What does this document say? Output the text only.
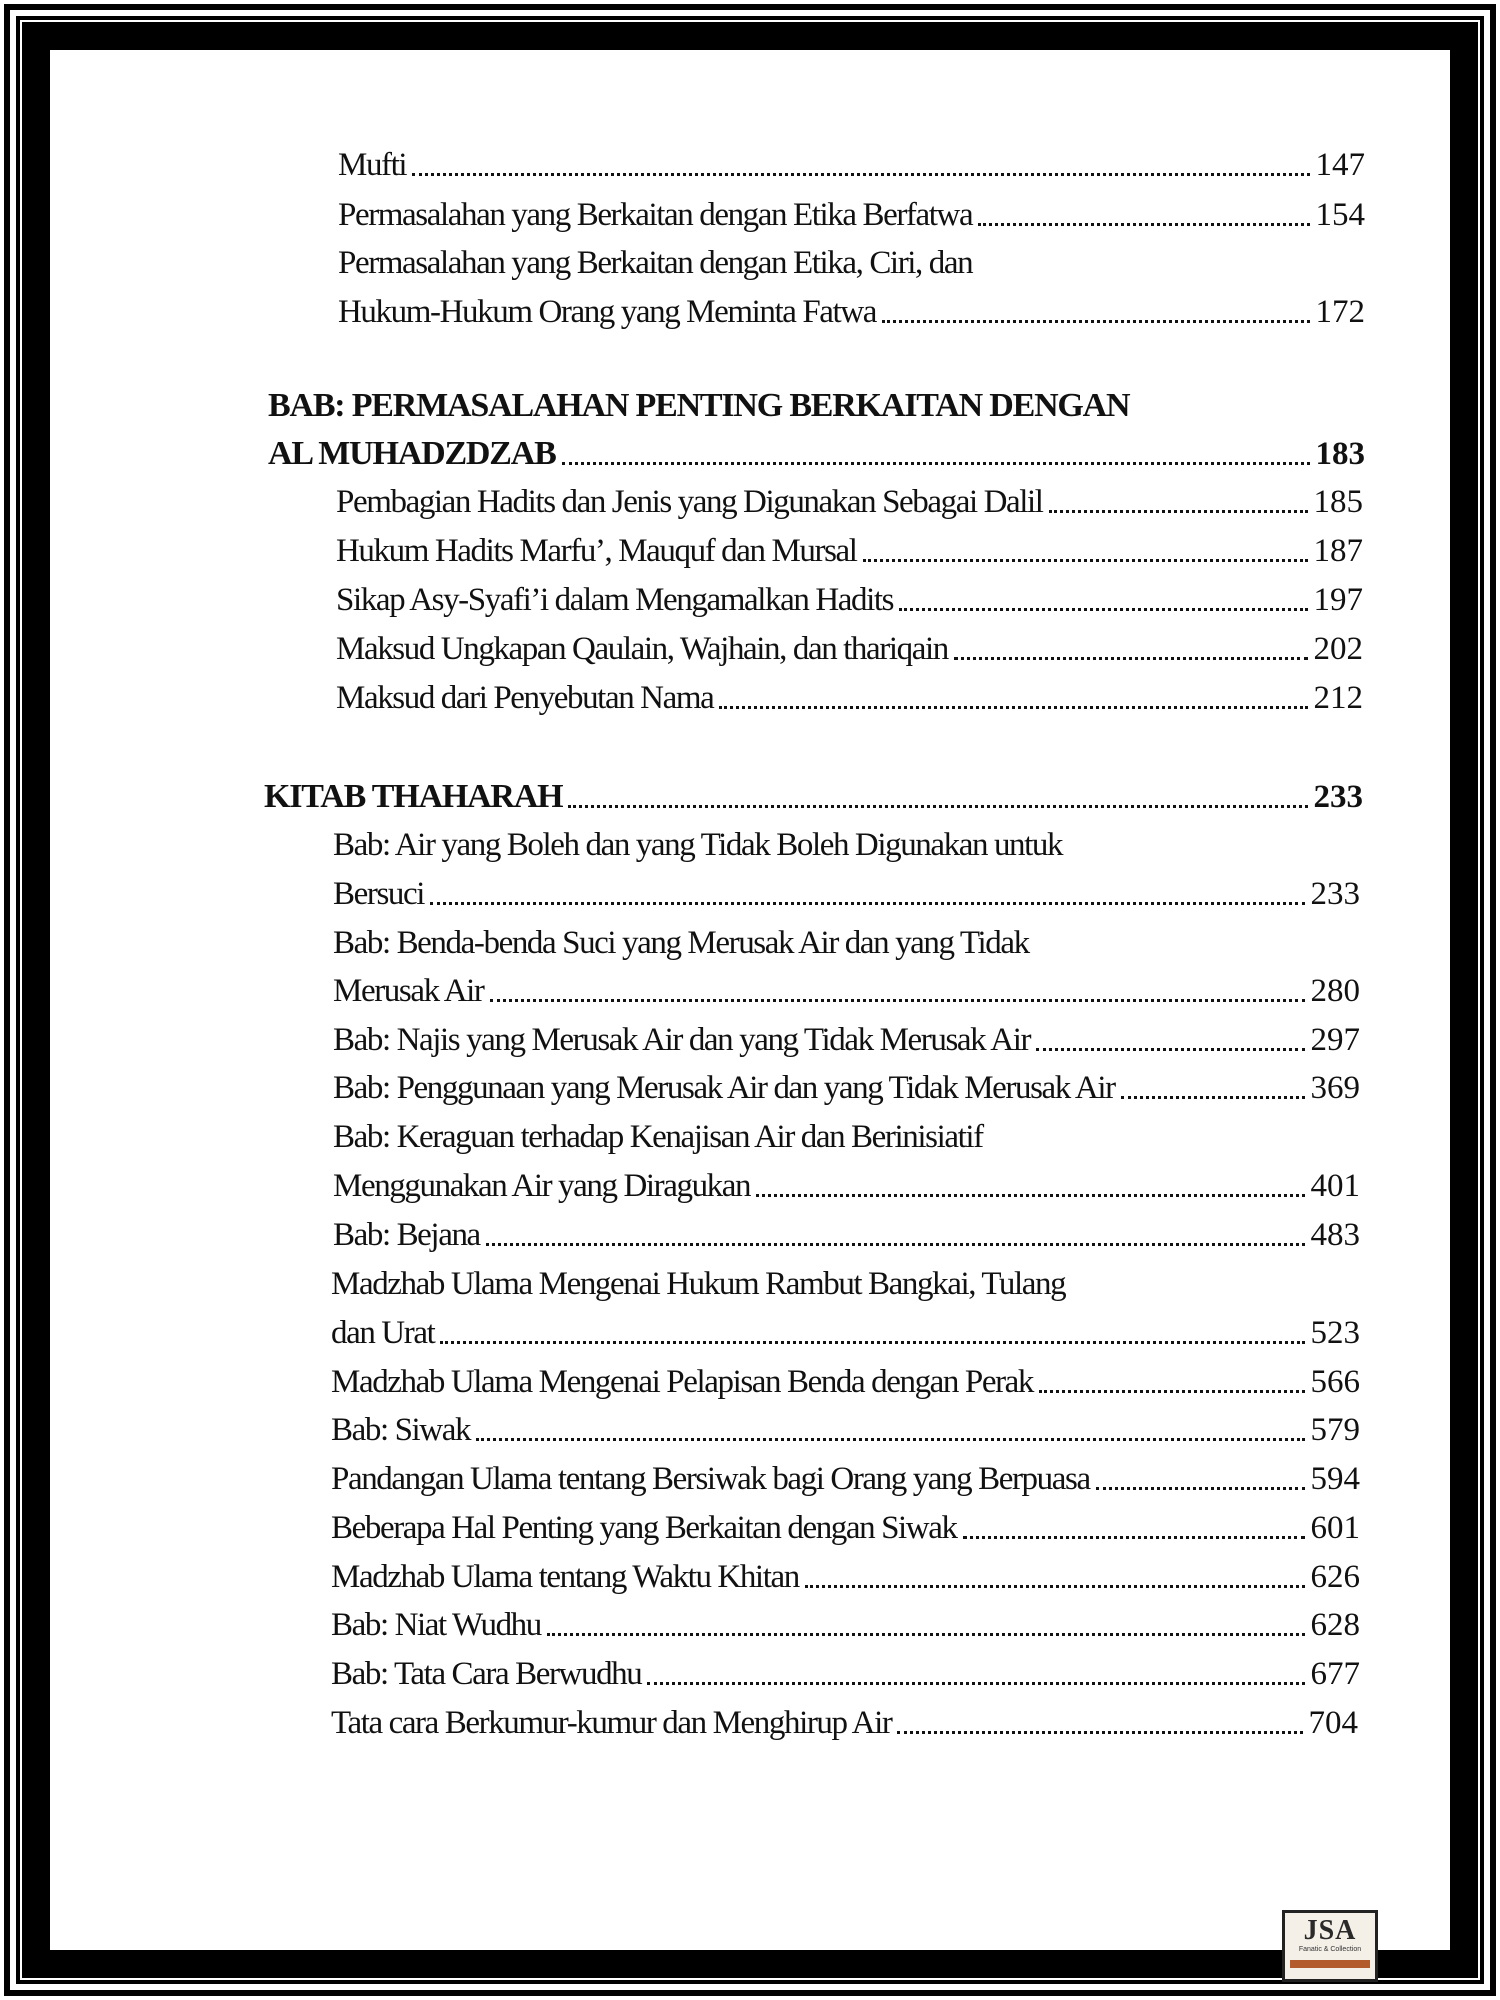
Mufti	147
Permasalahan yang Berkaitan dengan Etika Berfatwa	154
Permasalahan yang Berkaitan dengan Etika, Ciri, dan
Hukum-Hukum Orang yang Meminta Fatwa	172
BAB: PERMASALAHAN PENTING BERKAITAN DENGAN
AL MUHADZDZAB	183
Pembagian Hadits dan Jenis yang Digunakan Sebagai Dalil	185
Hukum Hadits Marfu’, Mauquf dan Mursal	187
Sikap Asy-Syafi’i dalam Mengamalkan Hadits	197
Maksud Ungkapan Qaulain, Wajhain, dan thariqain	202
Maksud dari Penyebutan Nama	212
KITAB THAHARAH	233
Bab: Air yang Boleh dan yang Tidak Boleh Digunakan untuk
Bersuci	233
Bab: Benda-benda Suci yang Merusak Air dan yang Tidak
Merusak Air	280
Bab: Najis yang Merusak Air dan yang Tidak Merusak Air	297
Bab: Penggunaan yang Merusak Air dan yang Tidak Merusak Air	369
Bab: Keraguan terhadap Kenajisan Air dan Berinisiatif
Menggunakan Air yang Diragukan	401
Bab: Bejana	483
Madzhab Ulama Mengenai Hukum Rambut Bangkai, Tulang
dan Urat	523
Madzhab Ulama Mengenai Pelapisan Benda dengan Perak	566
Bab: Siwak	579
Pandangan Ulama tentang Bersiwak bagi Orang yang Berpuasa	594
Beberapa Hal Penting yang Berkaitan dengan Siwak	601
Madzhab Ulama tentang Waktu Khitan	626
Bab: Niat Wudhu	628
Bab: Tata Cara Berwudhu	677
Tata cara Berkumur-kumur dan Menghirup Air	704
JSA
Fanatic & Collection
